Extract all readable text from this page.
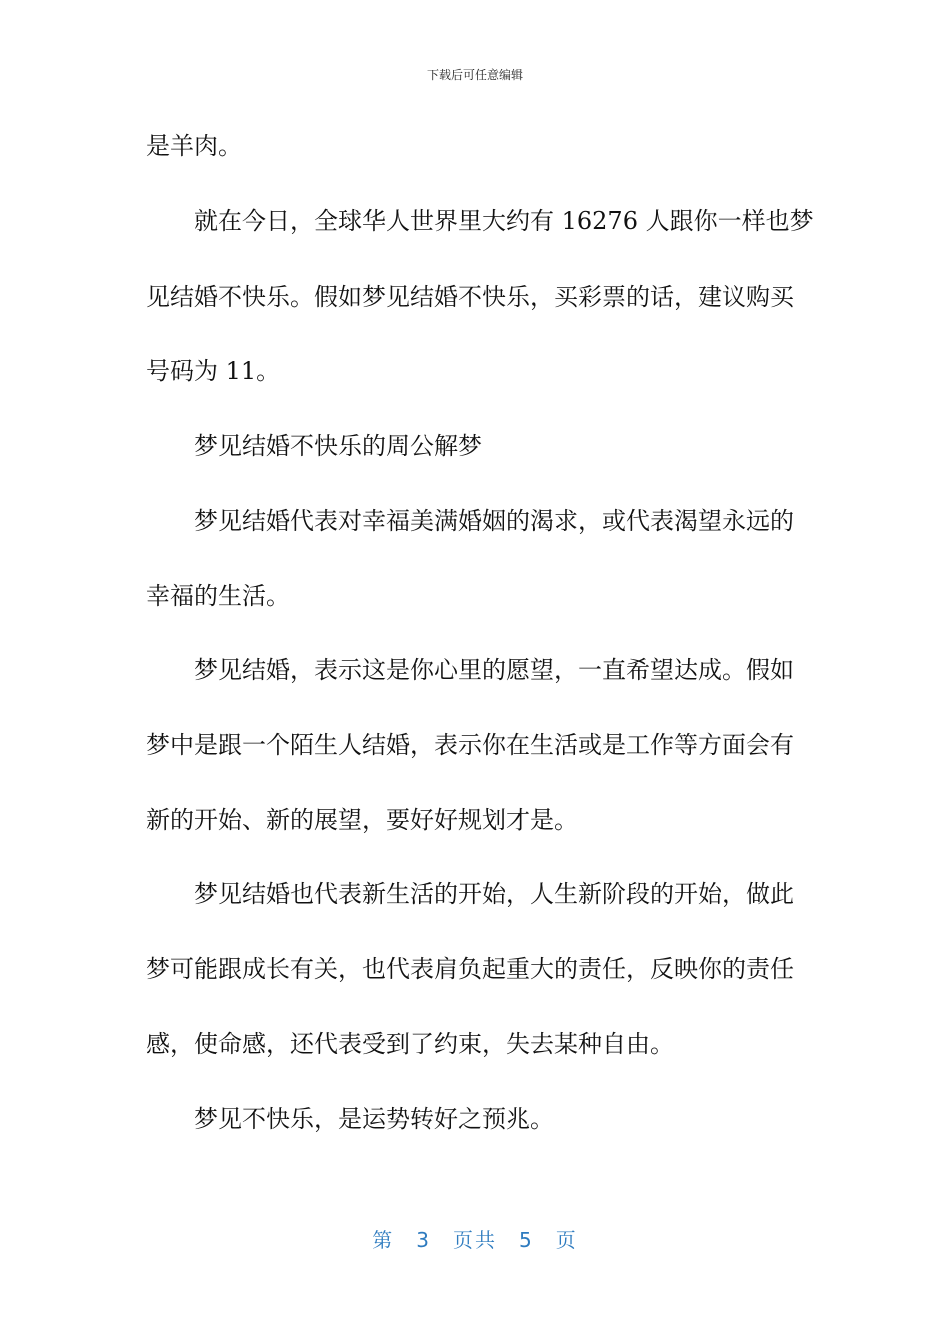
下载后可任意编辑
是羊肉。
就在今日，全球华人世界里大约有 16276 人跟你一样也梦
见结婚不快乐。假如梦见结婚不快乐，买彩票的话，建议购买
号码为 11。
梦见结婚不快乐的周公解梦
梦见结婚代表对幸福美满婚姻的渴求，或代表渴望永远的
幸福的生活。
梦见结婚，表示这是你心里的愿望，一直希望达成。假如
梦中是跟一个陌生人结婚，表示你在生活或是工作等方面会有
新的开始、新的展望，要好好规划才是。
梦见结婚也代表新生活的开始，人生新阶段的开始，做此
梦可能跟成长有关，也代表肩负起重大的责任，反映你的责任
感，使命感，还代表受到了约束，失去某种自由。
梦见不快乐，是运势转好之预兆。
第 3 页共 5 页
